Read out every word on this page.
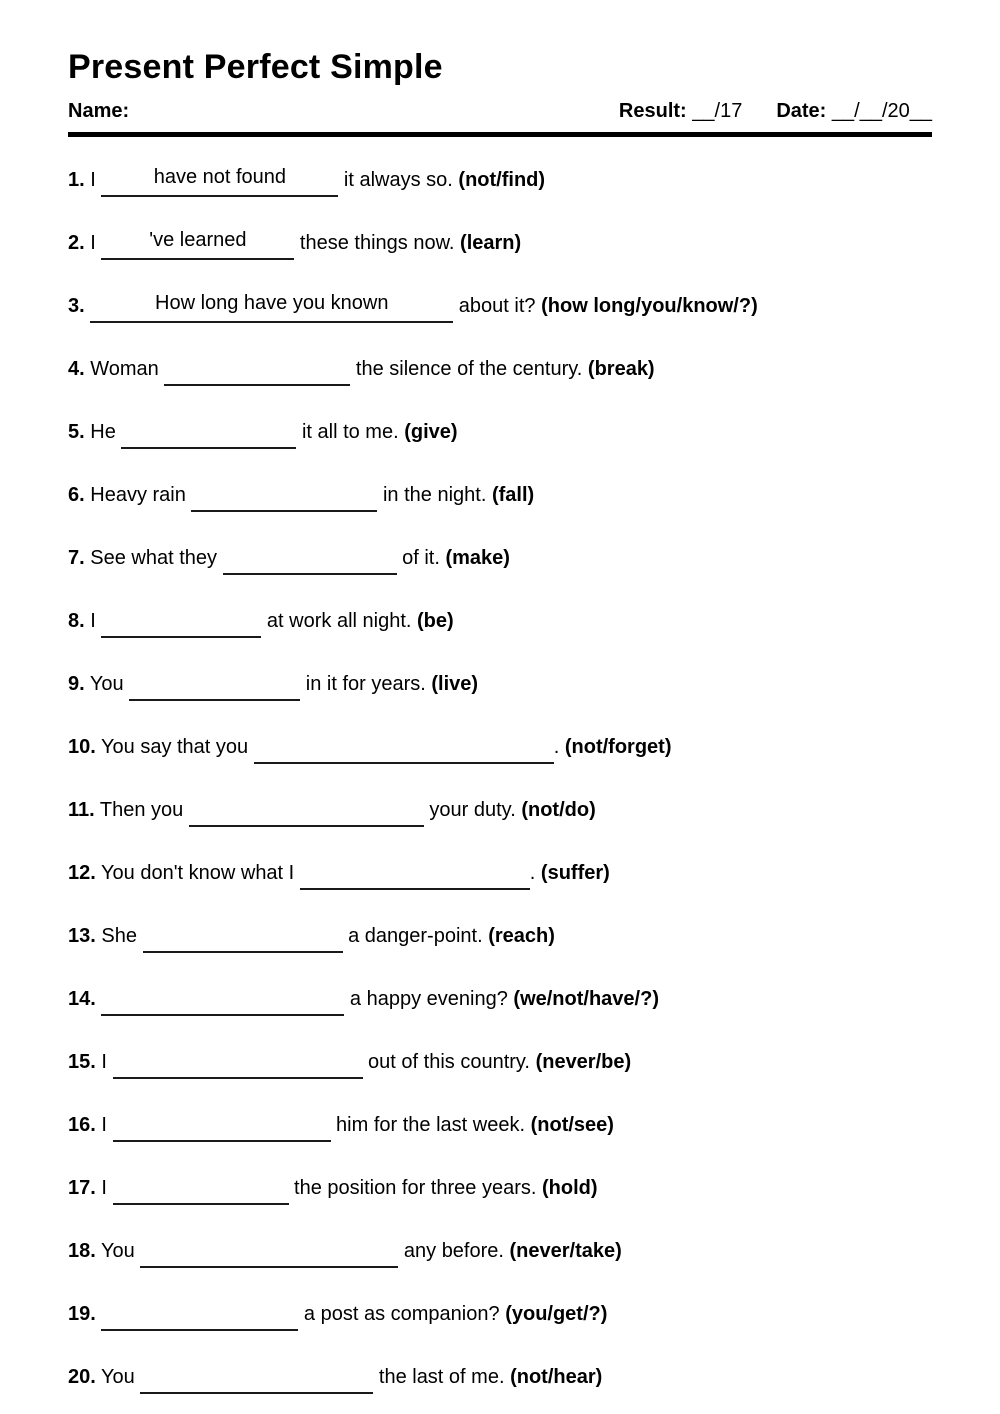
Present Perfect Simple
Name:	Result: __/17 Date: __/__/20__

1. I	have not found ​	it always so. (not/find)

2. I	've learned ​ these things now. (learn)

3.	How long have you known ​	about it? (how long/you/know/?)

4. Woman ​	the silence of the century. (break)

5. He ​	it all to me. (give)

6. Heavy rain ​	in the night. (fall)

7. See what they ​	of it. (make)

8. I ​	at work all night. (be)

9. You ​	in it for years. (live)

10. You say that you ​	. (not/forget)

11. Then you ​	your duty. (not/do)

12. You don't know what I ​	. (suffer)

13. She ​	a danger-point. (reach)

14. ​	a happy evening? (we/not/have/?)

15. I ​	out of this country. (never/be)

16. I ​	him for the last week. (not/see)

17. I ​	the position for three years. (hold)

18. You ​	any before. (never/take)

19. ​	a post as companion? (you/get/?)

20. You ​	the last of me. (not/hear)
